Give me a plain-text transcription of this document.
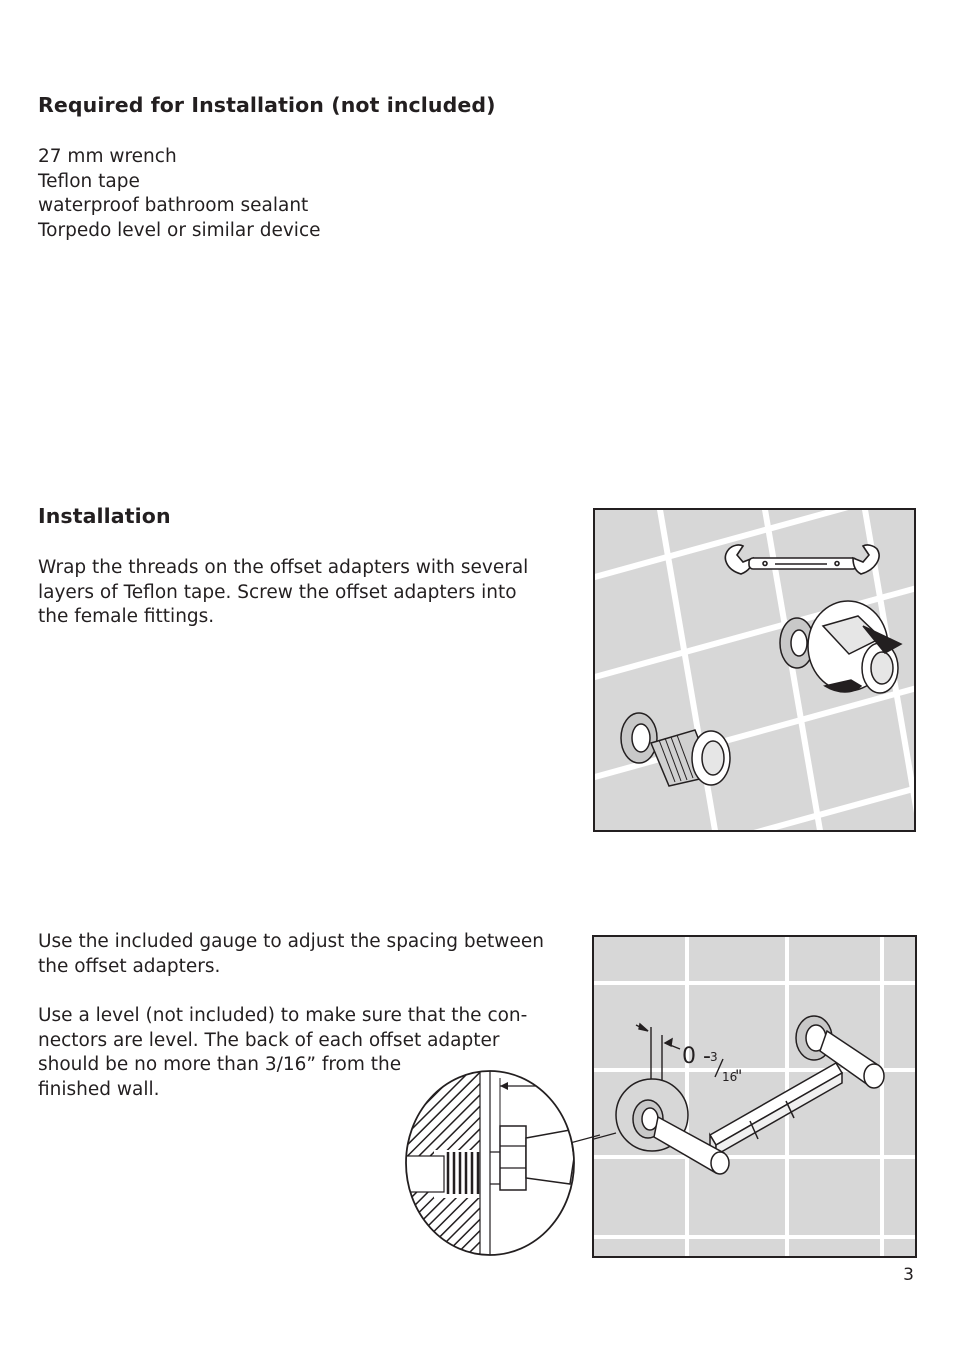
Required for Installation (not included)
27 mm wrench
Teflon tape
waterproof bathroom sealant
Torpedo level or similar device
Installation
Wrap the threads on the offset adapters with several
layers of Teflon tape. Screw the offset adapters into
the female fittings.
Use the included gauge to adjust the spacing between
the offset adapters.
Use a level (not included) to make sure that the con-
nectors are level. The back of each offset adapter
should be no more than 3/16” from the
finished wall.
0 - 3
16
"
3
